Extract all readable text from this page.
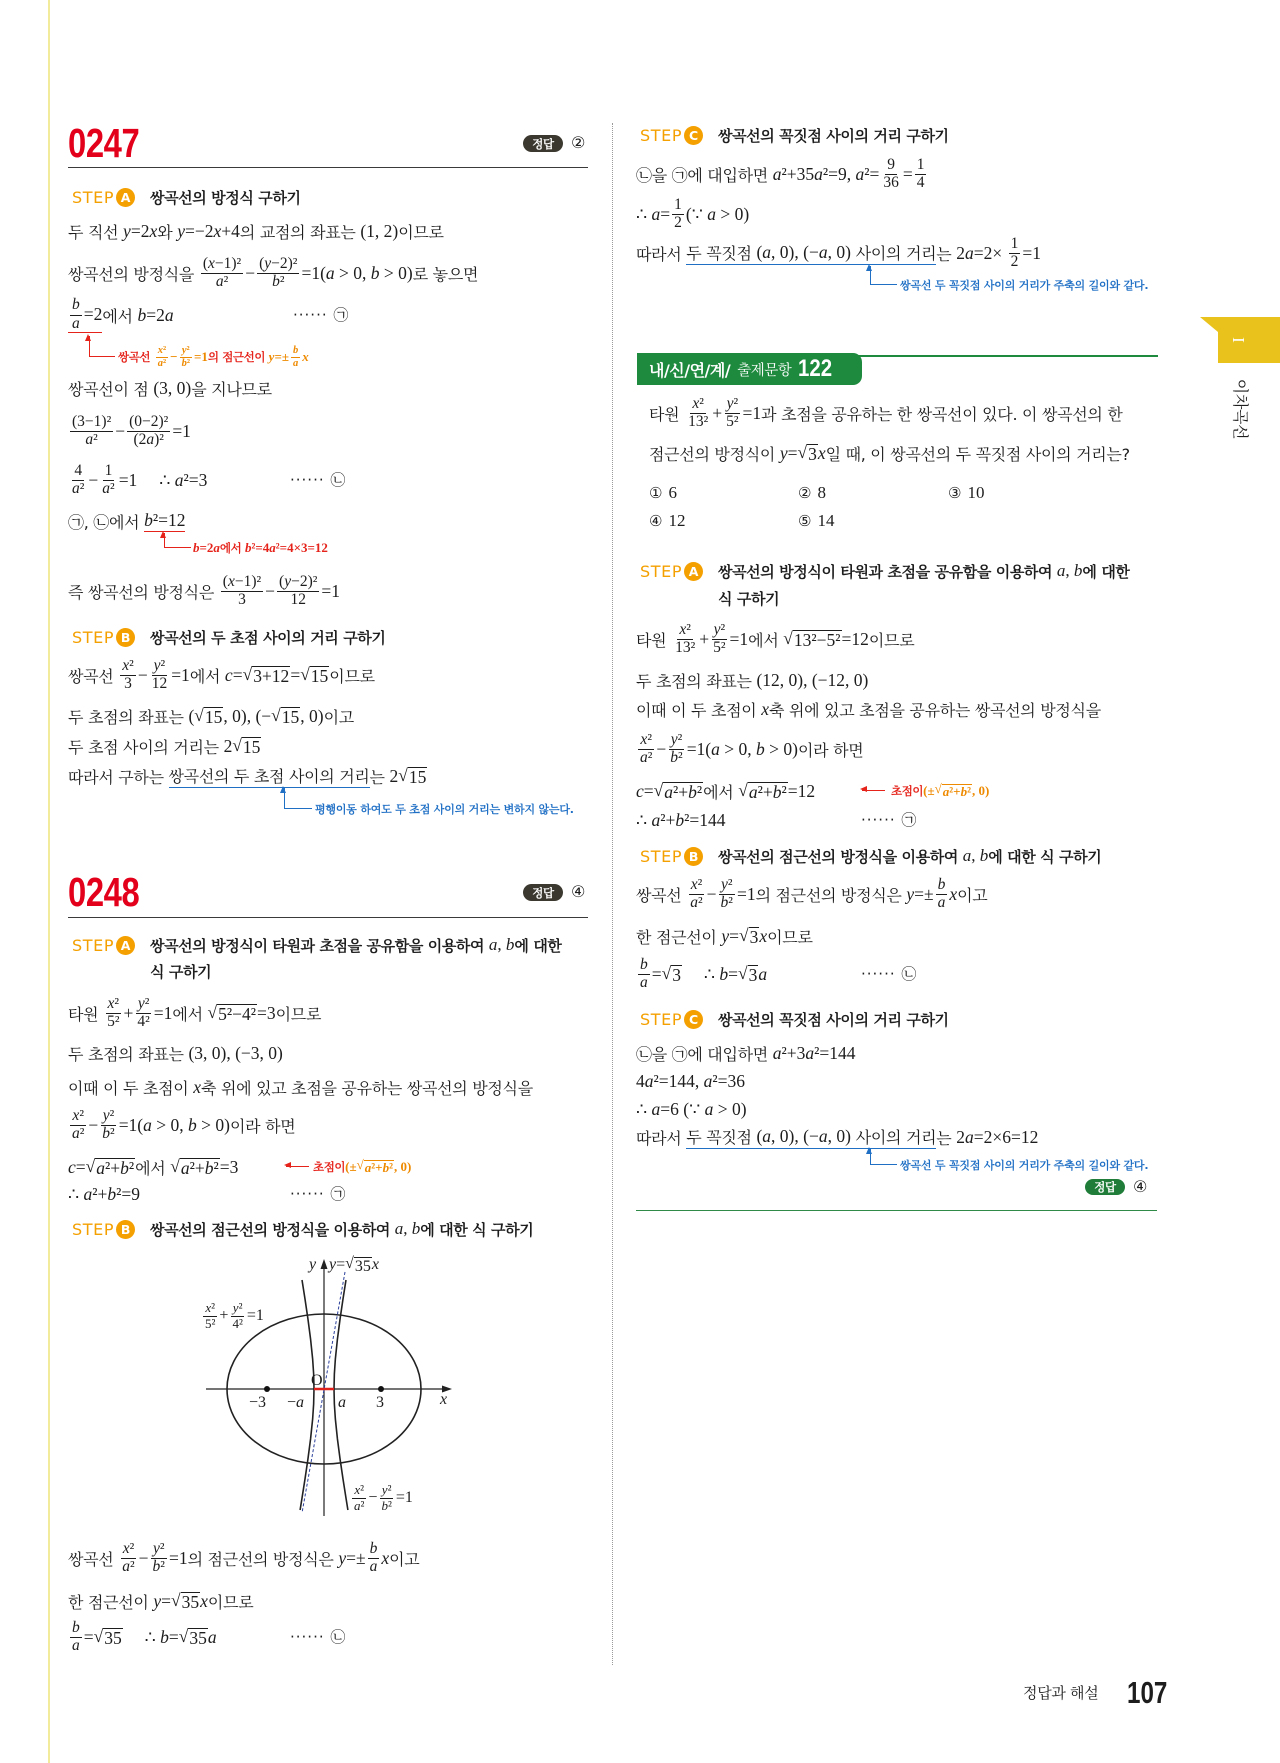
I
이차곡선
0247	정답	②
STEP A	쌍곡선의 방정식 구하기
두 직선 y=2x 와 y=−2x+4 의 교점의 좌표는 (1, 2) 이므로
쌍곡선의 방정식을 $\frac{\text{(x−1)²}}{\text{a²}} - \frac{\text{(y−2)²}}{\text{b²}} =1(a > 0$, b > 0) 로 놓으면
$\frac{b}{a} =2$ 에서 b=2a	······ ㉠
쌍곡선 $\frac{\text{x²}}{\text{a²}} - \frac{\text{y²}}{\text{b²}} =1$ 의 점근선이 $y=\pm \frac{b}{a}$ x
쌍곡선이 점 (3, 0) 을 지나므로
$\frac{\text{(3−1)²}}{\text{a²}} - \frac{\text{(0−2)²}}{\text{(2a)²}} =1$
$\frac{4}{\text{a²}} - \frac{1}{\text{a²}} =1$ ∴ a²=3	······ ㉡
㉠, ㉡에서 b²=12
b=2a 에서 b²=4a²=4×3=12
즉 쌍곡선의 방정식은 $\frac{\text{(x−1)²}}{3} - \frac{\text{(y−2)²}}{12} =1$
STEP B	쌍곡선의 두 초점 사이의 거리 구하기
쌍곡선 $\frac{\text{x²}}{3} - \frac{\text{y²}}{12} =1$ 에서 c= √ 3+12 = √ 15 이므로
두 초점의 좌표는 ( √ 15 , 0), (− √ 15 , 0) 이고
두 초점 사이의 거리는 2 √ 15
따라서 구하는 쌍곡선의 두 초점 사이의 거리 는 2 √ 15
평행이동 하여도 두 초점 사이의 거리는 변하지 않는다.
0248	정답	④
STEP A	쌍곡선의 방정식이 타원과 초점을 공유함을 이용하여 a, b 에 대한
식 구하기
타원 $\frac{\text{x²}}{\text{5²}} + \frac{\text{y²}}{\text{4²}} =1$ 에서 √ 5²−4² =3 이므로
두 초점의 좌표는 (3, 0), (−3, 0)
이때 이 두 초점이 x 축 위에 있고 초점을 공유하는 쌍곡선의 방정식을
$\frac{\text{x²}}{\text{a²}} - \frac{\text{y²}}{\text{b²}} =1(a > 0$, b > 0) 이라 하면
c= √ a²+b² 에서 √ a²+b² =3	초점이 (± √ a²+b² , 0)
∴ a²+b²=9	······ ㉠
STEP B	쌍곡선의 점근선의 방정식을 이용하여 a, b 에 대한 식 구하기
y y= √ 35 x
$\frac{\text{x²}}{\text{5²}} + \frac{\text{y²}}{\text{4²}} =1$
$\frac{\text{x²}}{\text{a²}} - \frac{\text{y²}}{\text{b²}} =1$
O
−3 −a a 3	x
쌍곡선 $\frac{\text{x²}}{\text{a²}} - \frac{\text{y²}}{\text{b²}} =1$ 의 점근선의 방정식은 $y=\pm \frac{b}{a}$ x 이고
한 점근선이 y= √ 35 x 이므로
$\frac{b}{a}$ = √ 35 ∴ b= √ 35 a	······ ㉡
STEP C	쌍곡선의 꼭짓점 사이의 거리 구하기
㉡을 ㉠에 대입하면 a²+35a²=9, $a^2= \frac{9}{36} = \frac{1}{4}$
∴ $a= \frac{1}{2}$ (∵ a > 0)
따라서 두 꼭짓점 (a, 0), (−a, 0) 사이의 거리 는 $2a=2\times \frac{1}{2} =1$
쌍곡선 두 꼭짓점 사이의 거리가 주축의 길이와 같다.
내/신/연/계/ 출제문항 122
타원 $\frac{\text{x²}}{\text{13²}} + \frac{\text{y²}}{\text{5²}} =1$ 과 초점을 공유하는 한 쌍곡선이 있다. 이 쌍곡선의 한
점근선의 방정식이 y= √ 3 x 일 때, 이 쌍곡선의 두 꼭짓점 사이의 거리는?
① 6	② 8	③ 10
④ 12	⑤ 14
STEP A	쌍곡선의 방정식이 타원과 초점을 공유함을 이용하여 a, b 에 대한
식 구하기
타원 $\frac{\text{x²}}{\text{13²}} + \frac{\text{y²}}{\text{5²}} =1$ 에서 √ 13²−5² =12 이므로
두 초점의 좌표는 (12, 0), (−12, 0)
이때 이 두 초점이 x 축 위에 있고 초점을 공유하는 쌍곡선의 방정식을
$\frac{\text{x²}}{\text{a²}} - \frac{\text{y²}}{\text{b²}} =1(a > 0$, b > 0) 이라 하면
c= √ a²+b² 에서 √ a²+b² =12	초점이 (± √ a²+b² , 0)
∴ a²+b²=144	······ ㉠
STEP B	쌍곡선의 점근선의 방정식을 이용하여 a, b 에 대한 식 구하기
쌍곡선 $\frac{\text{x²}}{\text{a²}} - \frac{\text{y²}}{\text{b²}} =1$ 의 점근선의 방정식은 $y=\pm \frac{b}{a}$ x 이고
한 점근선이 y= √ 3 x 이므로
$\frac{b}{a}$ = √ 3 ∴ b= √ 3 a	······ ㉡
STEP C	쌍곡선의 꼭짓점 사이의 거리 구하기
㉡을 ㉠에 대입하면 a²+3a²=144
4a²=144, a²=36
∴ a=6 (∵ a > 0)
따라서 두 꼭짓점 (a, 0), (−a, 0) 사이의 거리 는 2a=2×6=12
쌍곡선 두 꼭짓점 사이의 거리가 주축의 길이와 같다.
정답	④
정답과 해설 107
